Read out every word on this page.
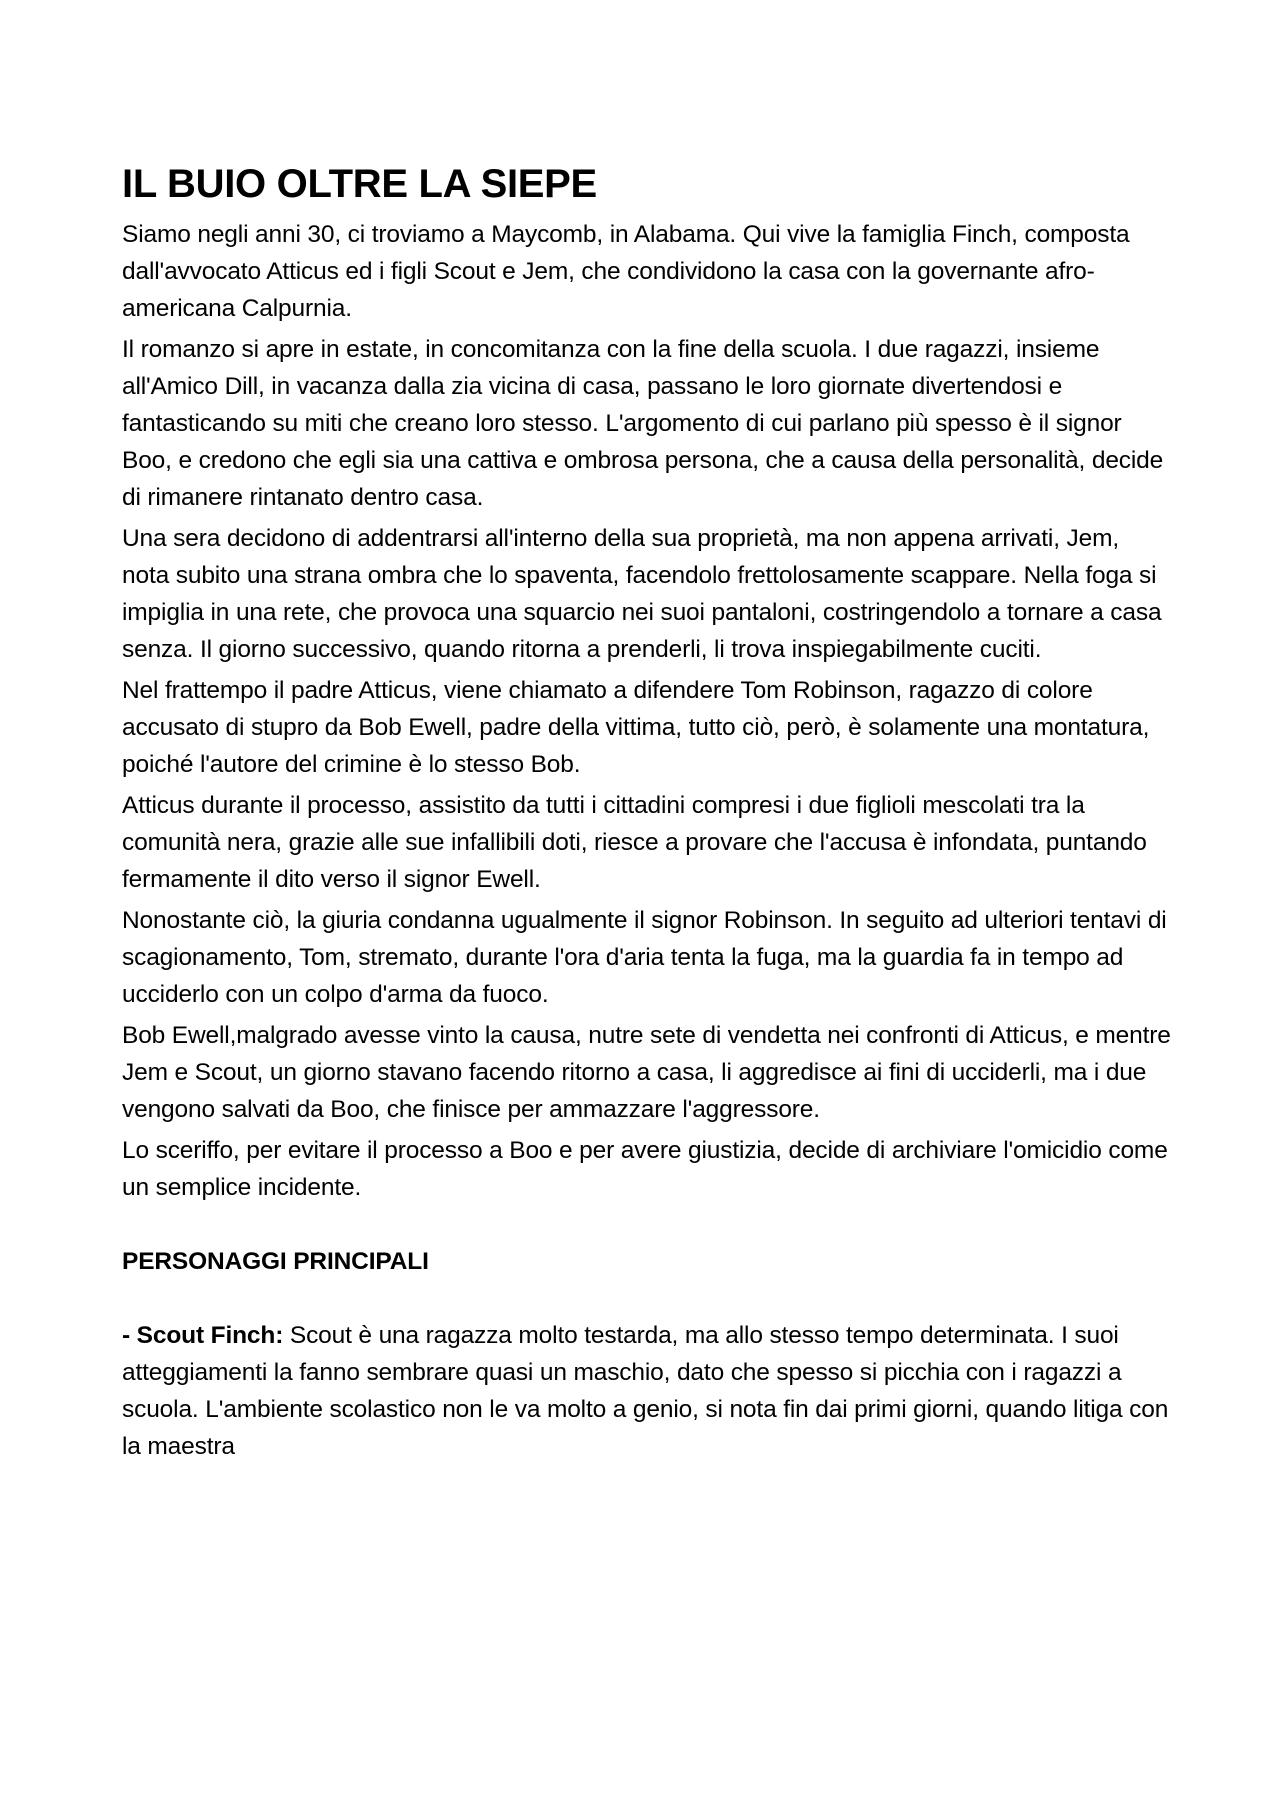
IL BUIO OLTRE LA SIEPE

Siamo negli anni 30, ci troviamo a Maycomb, in Alabama. Qui vive la famiglia Finch, composta dall'avvocato Atticus ed i figli Scout e Jem, che condividono la casa con la governante afro-americana Calpurnia.

Il romanzo si apre in estate, in concomitanza con la fine della scuola. I due ragazzi, insieme all'Amico Dill, in vacanza dalla zia vicina di casa, passano le loro giornate divertendosi e fantasticando su miti che creano loro stesso. L'argomento di cui parlano più spesso è il signor Boo, e credono che egli sia una cattiva e ombrosa persona, che a causa della personalità, decide di rimanere rintanato dentro casa.

Una sera decidono di addentrarsi all'interno della sua proprietà, ma non appena arrivati, Jem, nota subito una strana ombra che lo spaventa, facendolo frettolosamente scappare. Nella foga si impiglia in una rete, che provoca una squarcio nei suoi pantaloni, costringendolo a tornare a casa senza. Il giorno successivo, quando ritorna a prenderli, li trova inspiegabilmente cuciti.

Nel frattempo il padre Atticus, viene chiamato a difendere Tom Robinson, ragazzo di colore accusato di stupro da Bob Ewell, padre della vittima, tutto ciò, però, è solamente una montatura, poiché l'autore del crimine è lo stesso Bob.

Atticus durante il processo, assistito da tutti i cittadini compresi i due figlioli mescolati tra la comunità nera, grazie alle sue infallibili doti, riesce a provare che l'accusa è infondata, puntando fermamente il dito verso il signor Ewell.

Nonostante ciò, la giuria condanna ugualmente il signor Robinson. In seguito ad ulteriori tentavi di scagionamento, Tom, stremato, durante l'ora d'aria tenta la fuga, ma la guardia fa in tempo ad ucciderlo con un colpo d'arma da fuoco.

Bob Ewell,malgrado avesse vinto la causa, nutre sete di vendetta nei confronti di Atticus, e mentre Jem e Scout, un giorno stavano facendo ritorno a casa, li aggredisce ai fini di ucciderli, ma i due vengono salvati da Boo, che finisce per ammazzare l'aggressore.

Lo sceriffo, per evitare il processo a Boo e per avere giustizia, decide di archiviare l'omicidio come un semplice incidente.

PERSONAGGI PRINCIPALI

- Scout Finch: Scout è una ragazza molto testarda, ma allo stesso tempo determinata. I suoi atteggiamenti la fanno sembrare quasi un maschio, dato che spesso si picchia con i ragazzi a scuola. L'ambiente scolastico non le va molto a genio, si nota fin dai primi giorni, quando litiga con la maestra
